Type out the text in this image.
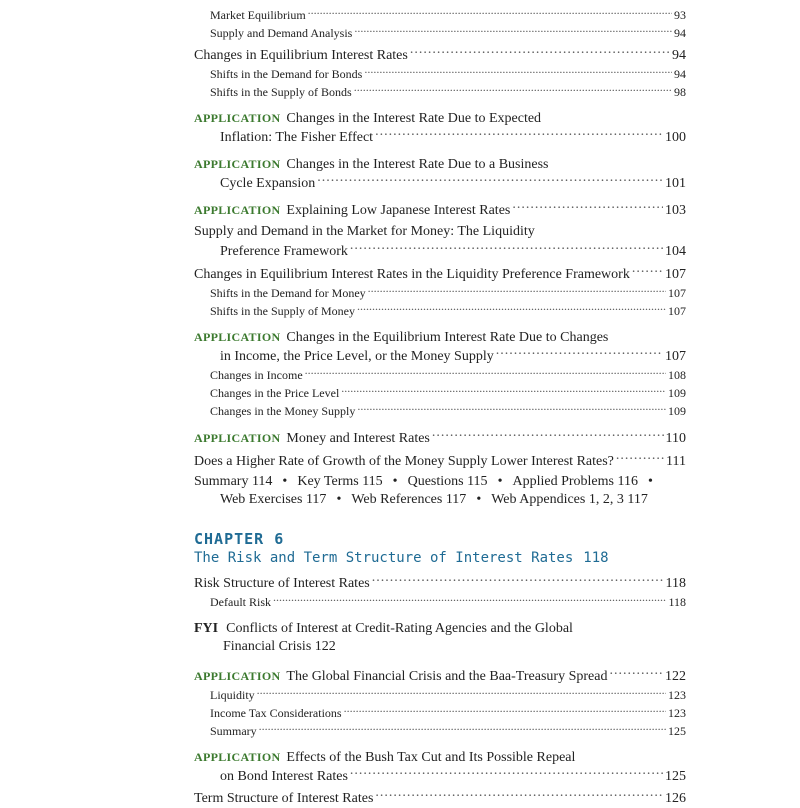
Market Equilibrium .....	93
Supply and Demand Analysis .....	94
Changes in Equilibrium Interest Rates .....	94
Shifts in the Demand for Bonds .....	94
Shifts in the Supply of Bonds .....	98
APPLICATION Changes in the Interest Rate Due to Expected
Inflation: The Fisher Effect .....	100
APPLICATION Changes in the Interest Rate Due to a Business
Cycle Expansion .....	101
APPLICATION Explaining Low Japanese Interest Rates .....	103
Supply and Demand in the Market for Money: The Liquidity
Preference Framework .....	104
Changes in Equilibrium Interest Rates in the Liquidity Preference Framework .....	107
Shifts in the Demand for Money .....	107
Shifts in the Supply of Money .....	107
APPLICATION Changes in the Equilibrium Interest Rate Due to Changes
in Income, the Price Level, or the Money Supply .....	107
Changes in Income .....	108
Changes in the Price Level .....	109
Changes in the Money Supply .....	109
APPLICATION Money and Interest Rates .....	110
Does a Higher Rate of Growth of the Money Supply Lower Interest Rates? .....	111
Summary 114 • Key Terms 115 • Questions 115 • Applied Problems 116 •
Web Exercises 117 • Web References 117 • Web Appendices 1, 2, 3 117
CHAPTER 6
The Risk and Term Structure of Interest Rates 118
Risk Structure of Interest Rates .....	118
Default Risk .....	118
FYI Conflicts of Interest at Credit-Rating Agencies and the Global
Financial Crisis 122
APPLICATION The Global Financial Crisis and the Baa-Treasury Spread .....	122
Liquidity .....	123
Income Tax Considerations .....	123
Summary .....	125
APPLICATION Effects of the Bush Tax Cut and Its Possible Repeal
on Bond Interest Rates .....	125
Term Structure of Interest Rates .....	126
